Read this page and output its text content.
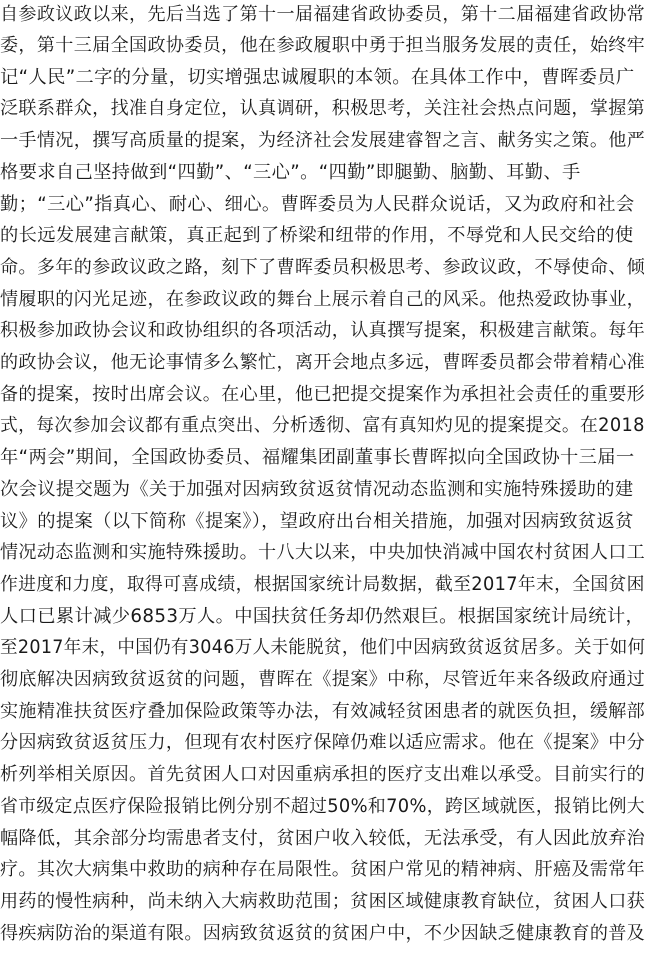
自参政议政以来，先后当选了第十一届福建省政协委员，第十二届福建省政协常
委，第十三届全国政协委员，他在参政履职中勇于担当服务发展的责任，始终牢
记“人民”二字的分量，切实增强忠诚履职的本领。在具体工作中，曹晖委员广
泛联系群众，找准自身定位，认真调研，积极思考，关注社会热点问题，掌握第
一手情况，撰写高质量的提案，为经济社会发展建睿智之言、献务实之策。他严
格要求自己坚持做到“四勤”、“三心”。“四勤”即腿勤、脑勤、耳勤、手
勤；“三心”指真心、耐心、细心。曹晖委员为人民群众说话，又为政府和社会
的长远发展建言献策，真正起到了桥梁和纽带的作用，不辱党和人民交给的使
命。多年的参政议政之路，刻下了曹晖委员积极思考、参政议政，不辱使命、倾
情履职的闪光足迹，在参政议政的舞台上展示着自己的风采。他热爱政协事业，
积极参加政协会议和政协组织的各项活动，认真撰写提案，积极建言献策。每年
的政协会议，他无论事情多么繁忙，离开会地点多远，曹晖委员都会带着精心准
备的提案，按时出席会议。在心里，他已把提交提案作为承担社会责任的重要形
式，每次参加会议都有重点突出、分析透彻、富有真知灼见的提案提交。在2018
年“两会”期间，全国政协委员、福耀集团副董事长曹晖拟向全国政协十三届一
次会议提交题为《关于加强对因病致贫返贫情况动态监测和实施特殊援助的建
议》的提案（以下简称《提案》），望政府出台相关措施，加强对因病致贫返贫
情况动态监测和实施特殊援助。十八大以来，中央加快消减中国农村贫困人口工
作进度和力度，取得可喜成绩，根据国家统计局数据，截至2017年末，全国贫困
人口已累计减少6853万人。中国扶贫任务却仍然艰巨。根据国家统计局统计，
至2017年末，中国仍有3046万人未能脱贫，他们中因病致贫返贫居多。关于如何
彻底解决因病致贫返贫的问题，曹晖在《提案》中称，尽管近年来各级政府通过
实施精准扶贫医疗叠加保险政策等办法，有效减轻贫困患者的就医负担，缓解部
分因病致贫返贫压力，但现有农村医疗保障仍难以适应需求。他在《提案》中分
析列举相关原因。首先贫困人口对因重病承担的医疗支出难以承受。目前实行的
省市级定点医疗保险报销比例分别不超过50%和70%，跨区域就医，报销比例大
幅降低，其余部分均需患者支付，贫困户收入较低，无法承受，有人因此放弃治
疗。其次大病集中救助的病种存在局限性。贫困户常见的精神病、肝癌及需常年
用药的慢性病种，尚未纳入大病救助范围；贫困区域健康教育缺位，贫困人口获
得疾病防治的渠道有限。因病致贫返贫的贫困户中，不少因缺乏健康教育的普及
